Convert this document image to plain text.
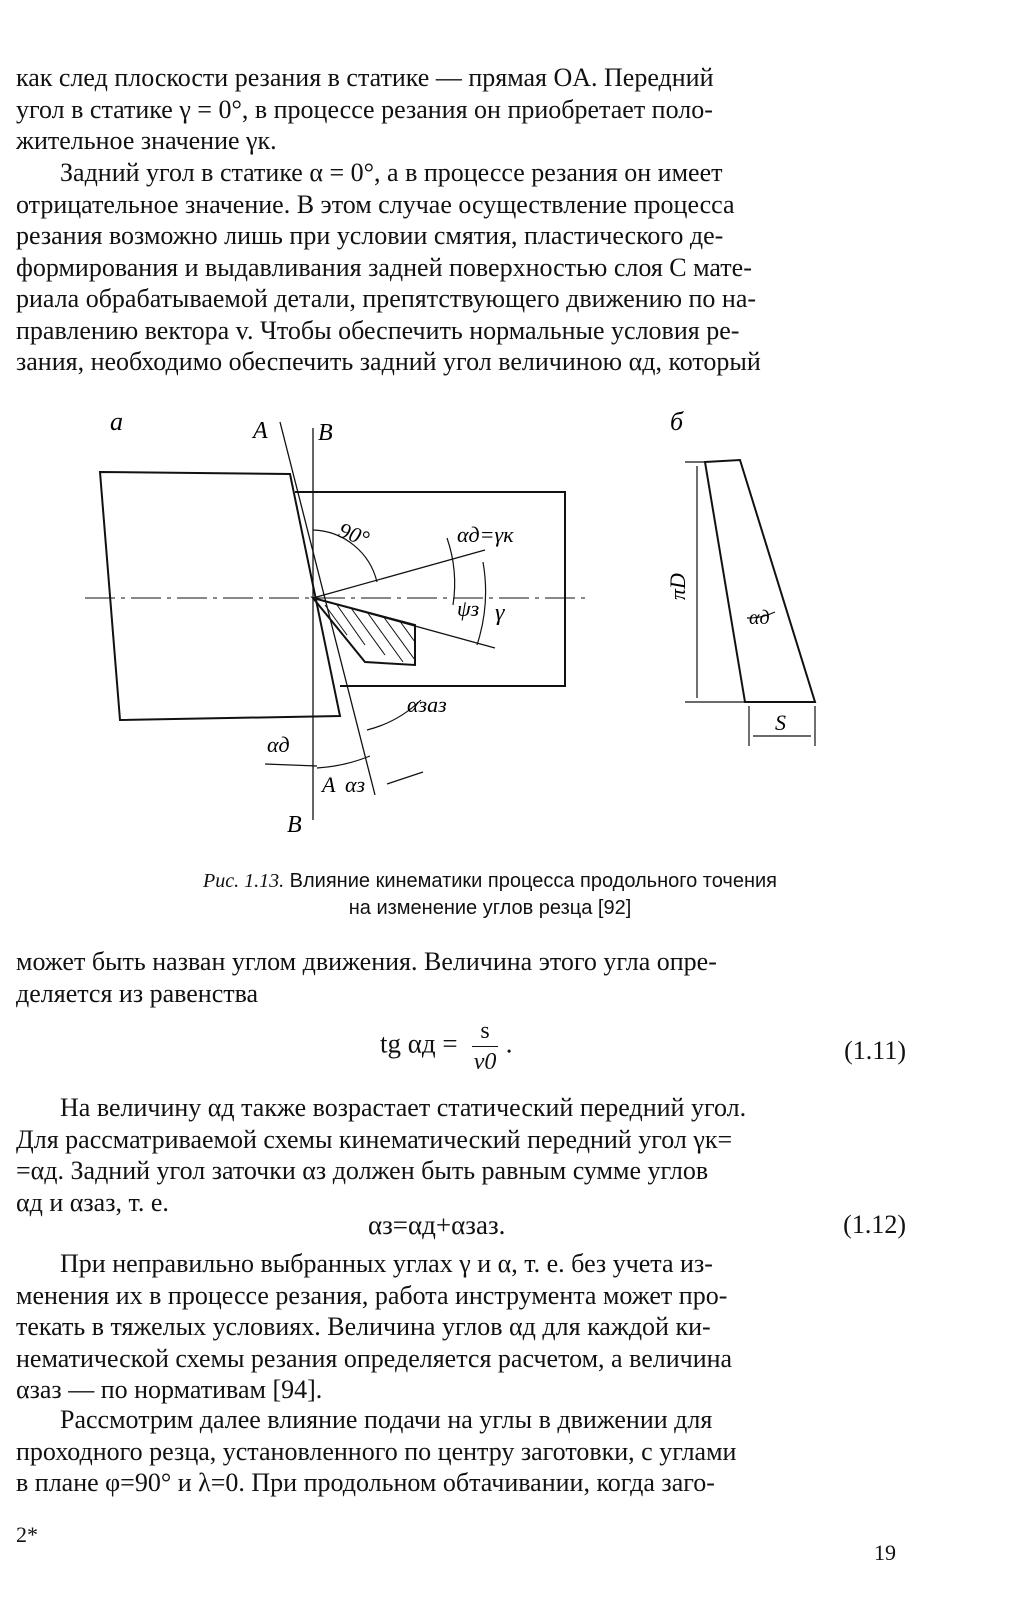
как след плоскости резания в статике — прямая OA. Передний
угол в статике γ = 0°, в процессе резания он приобретает поло-
жительное значение γк.
Задний угол в статике α = 0°, а в процессе резания он имеет
отрицательное значение. В этом случае осуществление процесса
резания возможно лишь при условии смятия, пластического де-
формирования и выдавливания задней поверхностью слоя C мате-
риала обрабатываемой детали, препятствующего движению по на-
правлению вектора v. Чтобы обеспечить нормальные условия ре-
зания, необходимо обеспечить задний угол величиною αд, который
a	A B
90°	αд=γк
ψз γ
αзаз
αд
A αз
B
б
πD
αд
S
Рис. 1.13. Влияние кинематики процесса продольного точения
на изменение углов резца [92]
может быть назван углом движения. Величина этого угла опре-
деляется из равенства
tg $\alpha д = \frac{s}{v0}$ .	(1.11)
На величину αд также возрастает статический передний угол.
Для рассматриваемой схемы кинематический передний угол γк=
=αд. Задний угол заточки αз должен быть равным сумме углов
αд и αзаз, т. е.
αз=αд+αзаз.	(1.12)
При неправильно выбранных углах γ и α, т. е. без учета из-
менения их в процессе резания, работа инструмента может про-
текать в тяжелых условиях. Величина углов αд для каждой ки-
нематической схемы резания определяется расчетом, а величина
αзаз — по нормативам [94].
Рассмотрим далее влияние подачи на углы в движении для
проходного резца, установленного по центру заготовки, с углами
в плане φ=90° и λ=0. При продольном обтачивании, когда заго-
2*
19
